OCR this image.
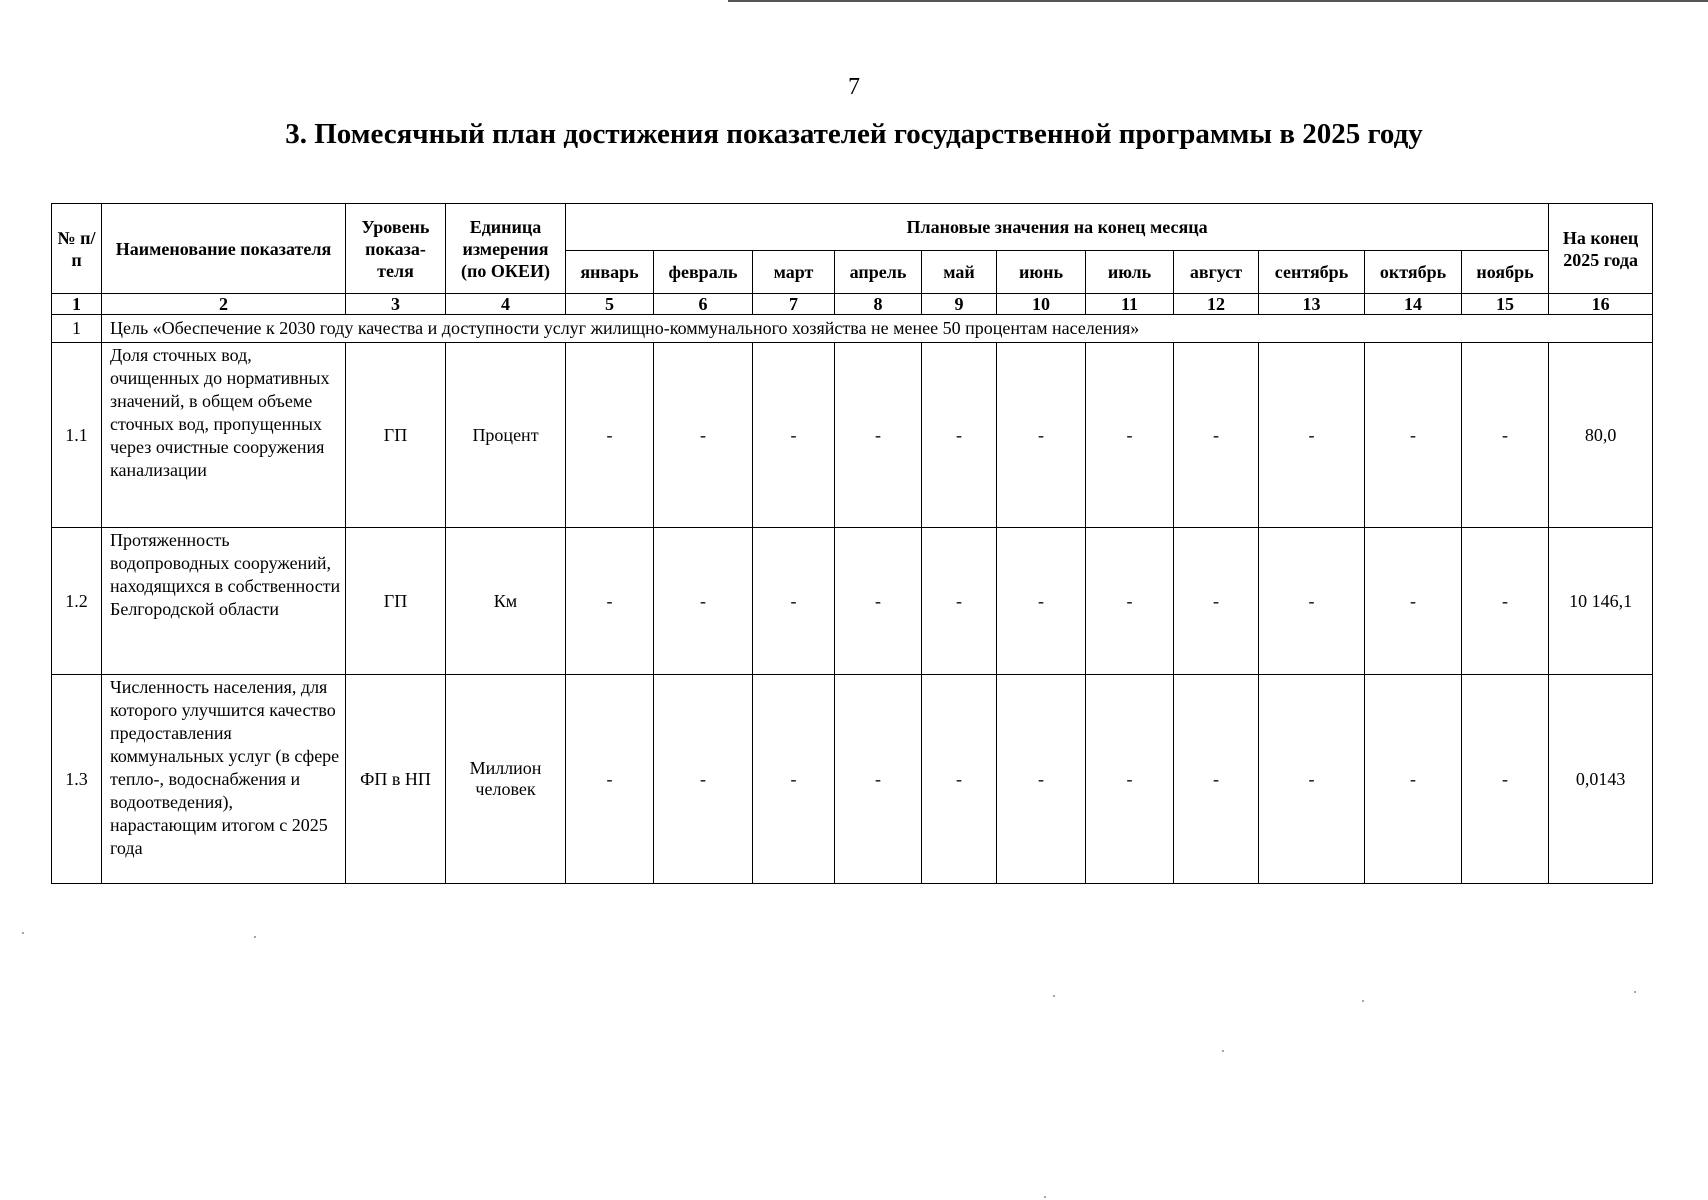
7
3. Помесячный план достижения показателей государственной программы в 2025 году
№ п/п	Наименование показателя	Уровень показа-теля	Единица измерения (по ОКЕИ)	Плановые значения на конец месяца											На конец 2025 года
				январь	февраль	март	апрель	май	июнь	июль	август	сентябрь	октябрь	ноябрь	
1	2	3	4	5	6	7	8	9	10	11	12	13	14	15	16
1	Цель «Обеспечение к 2030 году качества и доступности услуг жилищно-коммунального хозяйства не менее 50 процентам населения»														
1.1	Доля сточных вод, очищенных до нормативных значений, в общем объеме сточных вод, пропущенных через очистные сооружения канализации	ГП	Процент	-	-	-	-	-	-	-	-	-	-	-	80,0
1.2	Протяженность водопроводных сооружений, находящихся в собственности Белгородской области	ГП	Км	-	-	-	-	-	-	-	-	-	-	-	10 146,1
1.3	Численность населения, для которого улучшится качество предоставления коммунальных услуг (в сфере тепло-, водоснабжения и водоотведения), нарастающим итогом с 2025 года	ФП в НП	Миллион человек	-	-	-	-	-	-	-	-	-	-	-	0,0143
